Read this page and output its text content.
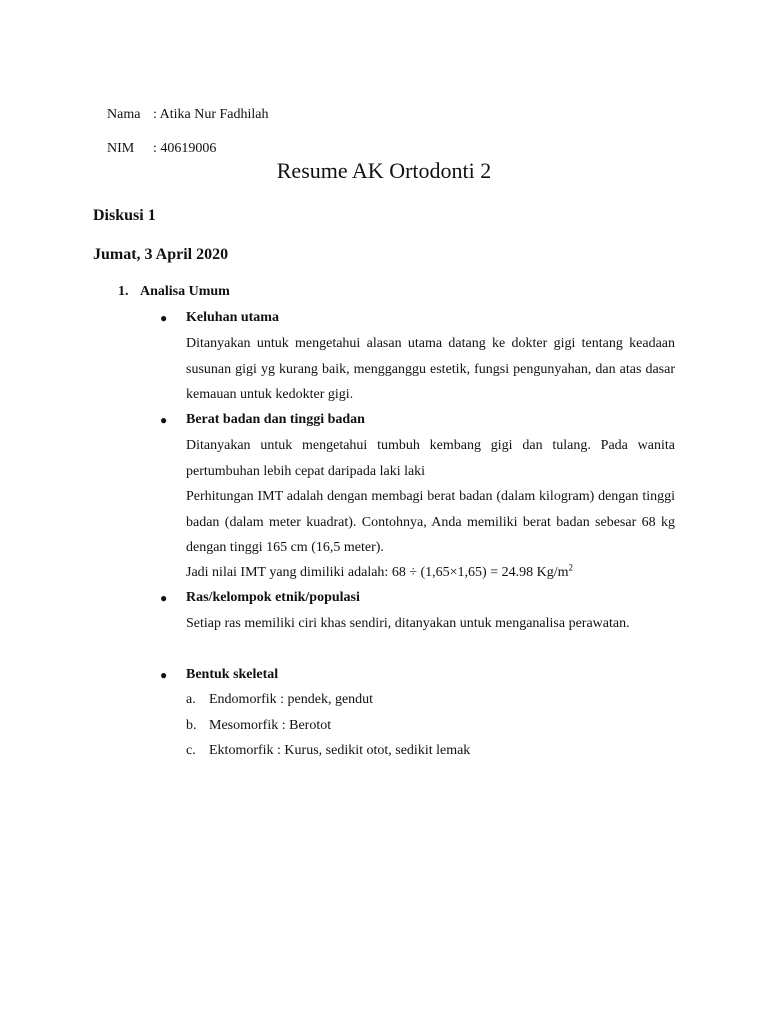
Nama : Atika Nur Fadhilah

NIM : 40619006

Resume AK Ortodonti 2
Diskusi 1
Jumat, 3 April 2020
1. Analisa Umum
● Keluhan utama
Ditanyakan untuk mengetahui alasan utama datang ke dokter gigi tentang keadaan susunan gigi yg kurang baik, mengganggu estetik, fungsi pengunyahan, dan atas dasar kemauan untuk kedokter gigi.
● Berat badan dan tinggi badan
Ditanyakan untuk mengetahui tumbuh kembang gigi dan tulang. Pada wanita pertumbuhan lebih cepat daripada laki laki
Perhitungan IMT adalah dengan membagi berat badan (dalam kilogram) dengan tinggi badan (dalam meter kuadrat). Contohnya, Anda memiliki berat badan sebesar 68 kg dengan tinggi 165 cm (16,5 meter).
Jadi nilai IMT yang dimiliki adalah: 68 ÷ (1,65×1,65) = 24.98 $Kg/m^2$
● Ras/kelompok etnik/populasi
Setiap ras memiliki ciri khas sendiri, ditanyakan untuk menganalisa perawatan.
● Bentuk skeletal
a. Endomorfik : pendek, gendut
b. Mesomorfik : Berotot
c. Ektomorfik : Kurus, sedikit otot, sedikit lemak
